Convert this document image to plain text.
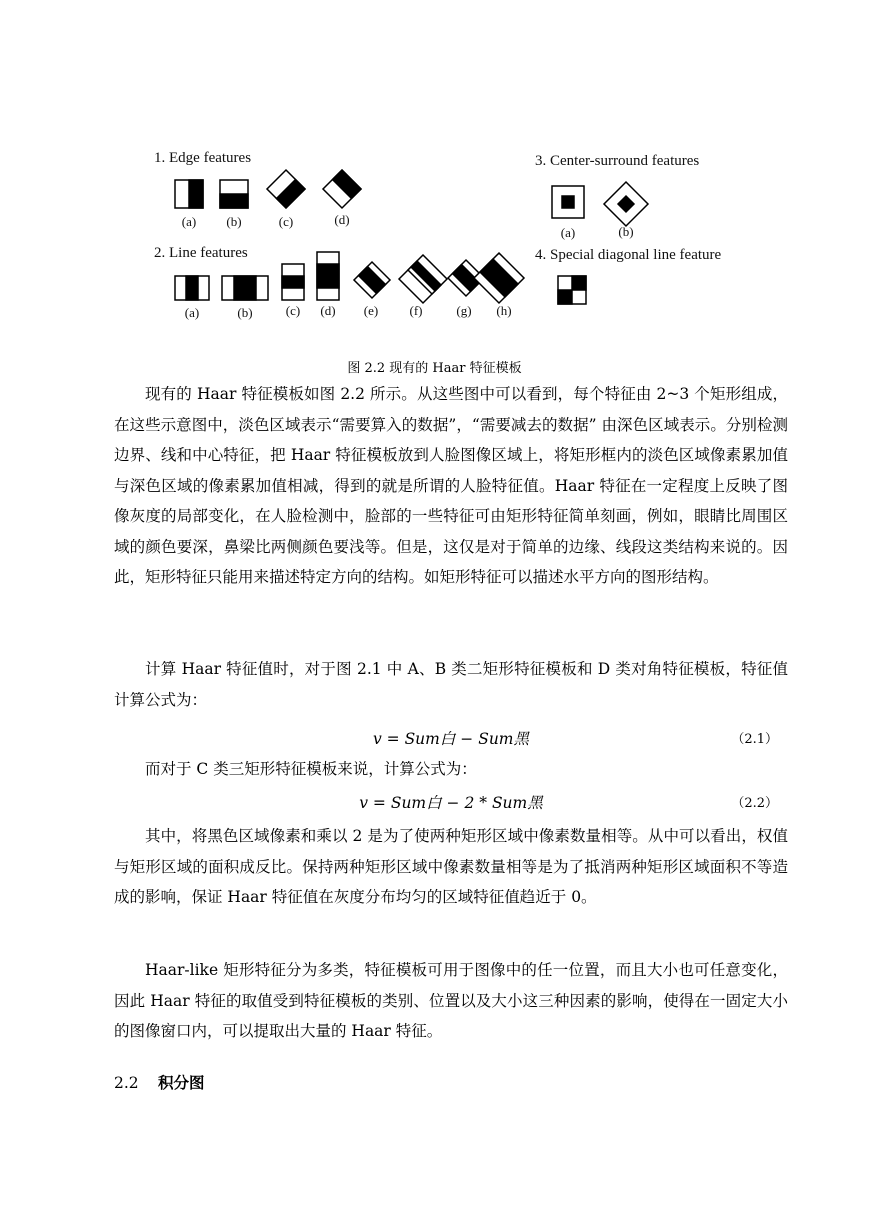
1. Edge features	3. Center-surround features
2. Line features	4. Special diagonal line feature
(a)	(b)	(c)	(d)
(a)	(b)
(a)	(b)	(c)	(d)	(e)	(f)	(g)	(h)
图 2.2 现有的 Haar 特征模板

现有的 Haar 特征模板如图 2.2 所示。从这些图中可以看到，每个特征由 2~3 个矩形组成，在这些示意图中，淡色区域表示“需要算入的数据”，“需要减去的数据” 由深色区域表示。分别检测边界、线和中心特征，把 Haar 特征模板放到人脸图像区域上，将矩形框内的淡色区域像素累加值与深色区域的像素累加值相减，得到的就是所谓的人脸特征值。Haar 特征在一定程度上反映了图像灰度的局部变化，在人脸检测中，脸部的一些特征可由矩形特征简单刻画，例如，眼睛比周围区域的颜色要深，鼻梁比两侧颜色要浅等。但是，这仅是对于简单的边缘、线段这类结构来说的。因此，矩形特征只能用来描述特定方向的结构。如矩形特征可以描述水平方向的图形结构。

计算 Haar 特征值时，对于图 2.1 中 A、B 类二矩形特征模板和 D 类对角特征模板，特征值计算公式为：

v = Sum白 − Sum黑	（2.1）

而对于 C 类三矩形特征模板来说，计算公式为：

v = Sum白 − 2 * Sum黑	（2.2）

其中，将黑色区域像素和乘以 2 是为了使两种矩形区域中像素数量相等。从中可以看出，权值与矩形区域的面积成反比。保持两种矩形区域中像素数量相等是为了抵消两种矩形区域面积不等造成的影响，保证 Haar 特征值在灰度分布均匀的区域特征值趋近于 0。

Haar-like 矩形特征分为多类，特征模板可用于图像中的任一位置，而且大小也可任意变化，因此 Haar 特征的取值受到特征模板的类别、位置以及大小这三种因素的影响，使得在一固定大小的图像窗口内，可以提取出大量的 Haar 特征。

2.2 积分图
